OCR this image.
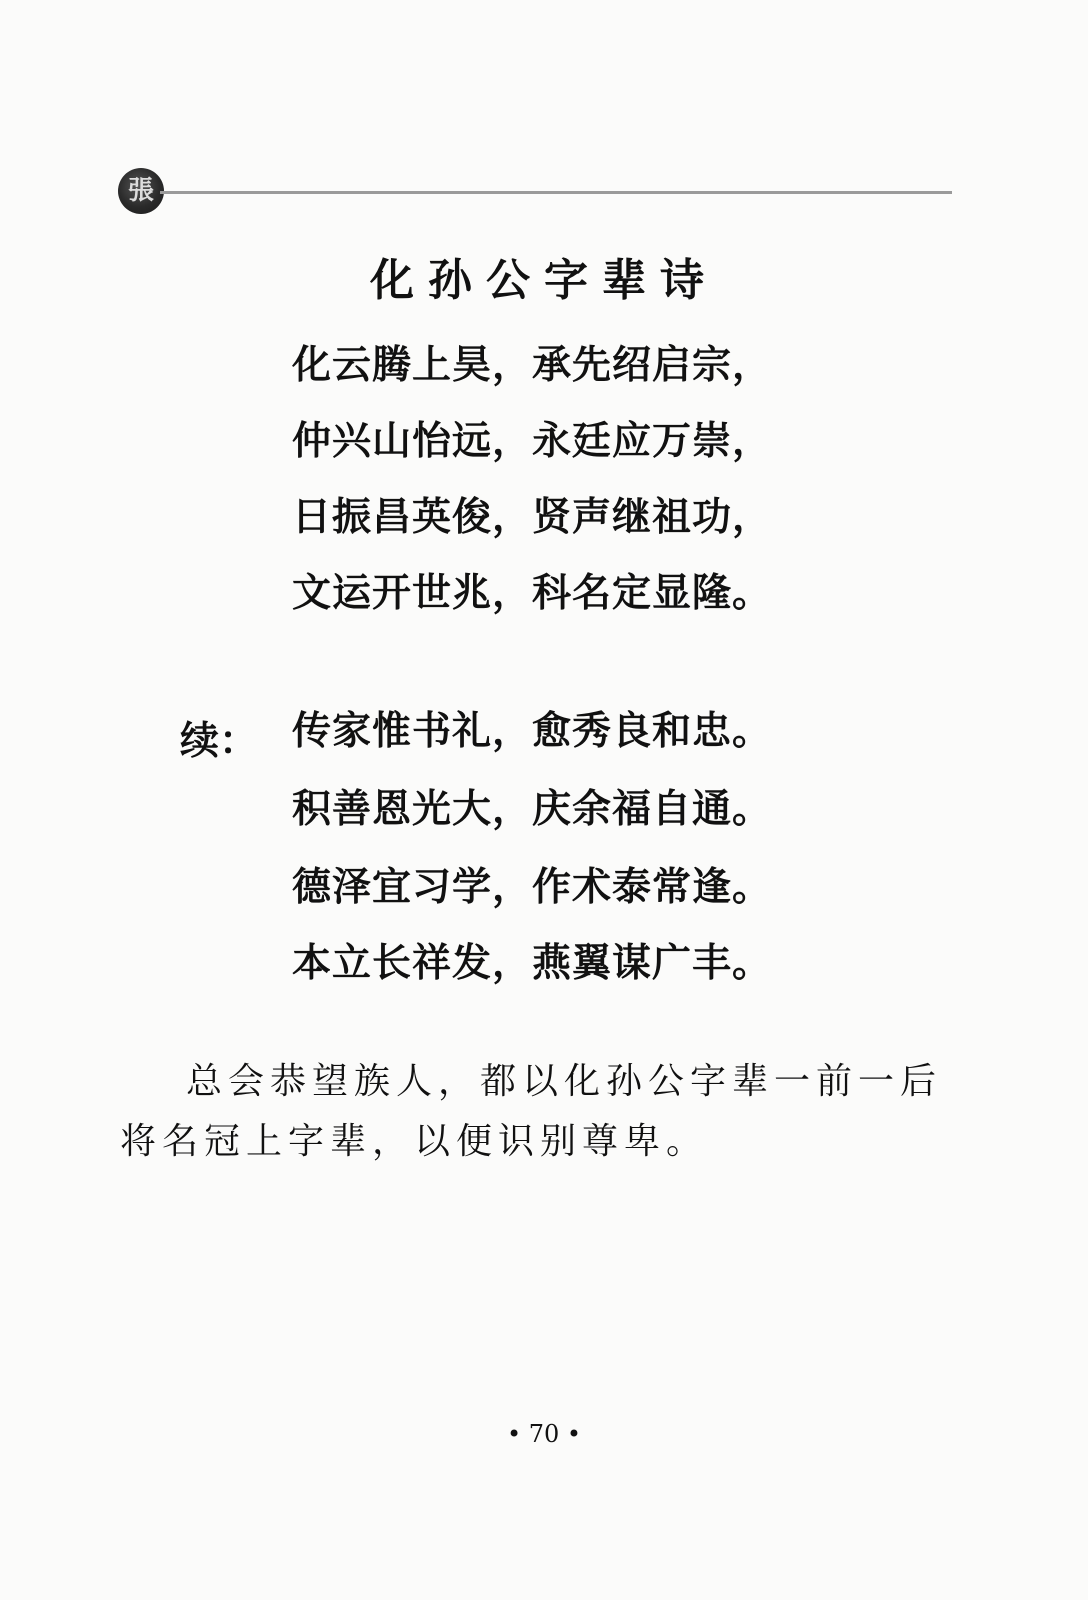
張
化孙公字辈诗
化云腾上昊，承先绍启宗，
仲兴山怡远，永廷应万崇，
日振昌英俊，贤声继祖功，
文运开世兆，科名定显隆。
续： 传家惟书礼，愈秀良和忠。
积善恩光大，庆余福自通。
德泽宜习学，作术泰常逢。
本立长祥发，燕翼谋广丰。
总会恭望族人，都以化孙公字辈一前一后将名冠上字辈，以便识别尊卑。
• 70 •
